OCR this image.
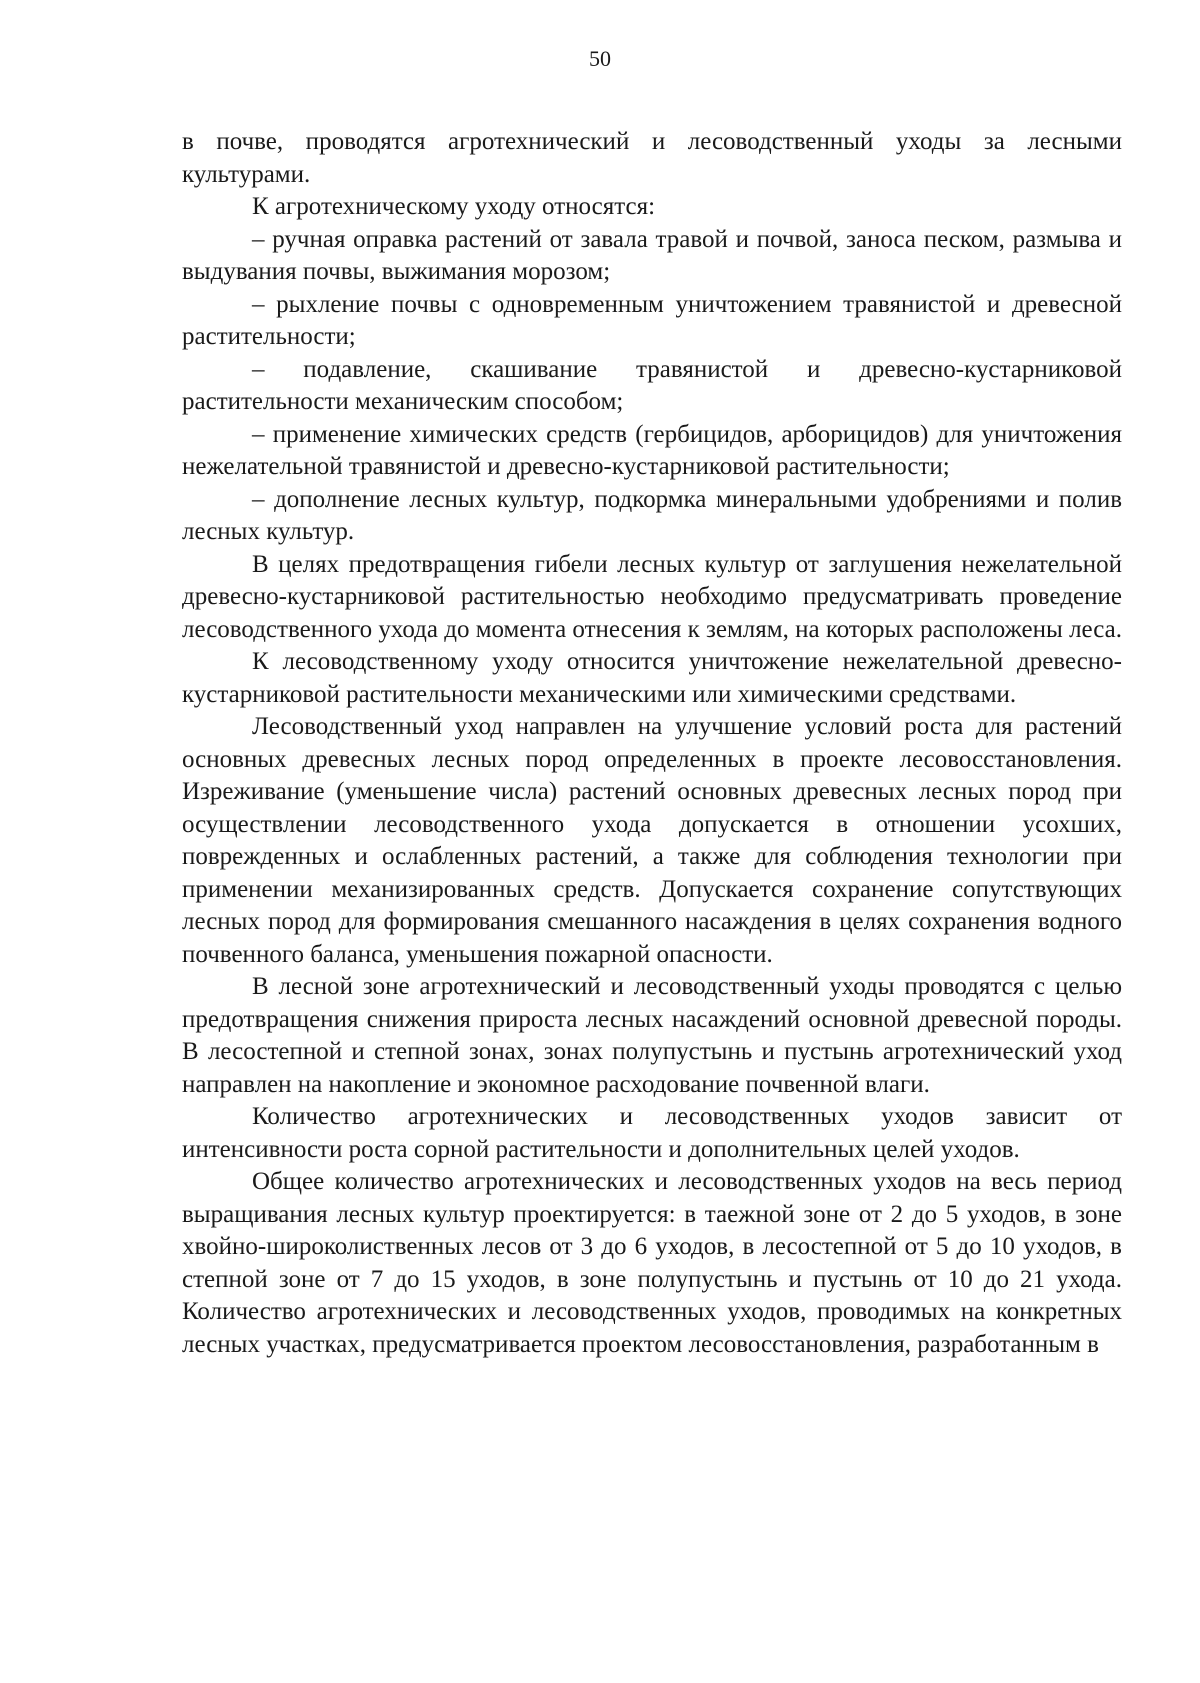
50

в почве, проводятся агротехнический и лесоводственный уходы за лесными культурами.

К агротехническому уходу относятся:

– ручная оправка растений от завала травой и почвой, заноса песком, размыва и выдувания почвы, выжимания морозом;

– рыхление почвы с одновременным уничтожением травянистой и древесной растительности;

– подавление, скашивание травянистой и древесно-кустарниковой растительности механическим способом;

– применение химических средств (гербицидов, арборицидов) для уничтожения нежелательной травянистой и древесно-кустарниковой растительности;

– дополнение лесных культур, подкормка минеральными удобрениями и полив лесных культур.

В целях предотвращения гибели лесных культур от заглушения нежелательной древесно-кустарниковой растительностью необходимо предусматривать проведение лесоводственного ухода до момента отнесения к землям, на которых расположены леса.

К лесоводственному уходу относится уничтожение нежелательной древесно-кустарниковой растительности механическими или химическими средствами.

Лесоводственный уход направлен на улучшение условий роста для растений основных древесных лесных пород определенных в проекте лесовосстановления. Изреживание (уменьшение числа) растений основных древесных лесных пород при осуществлении лесоводственного ухода допускается в отношении усохших, поврежденных и ослабленных растений, а также для соблюдения технологии при применении механизированных средств. Допускается сохранение сопутствующих лесных пород для формирования смешанного насаждения в целях сохранения водного почвенного баланса, уменьшения пожарной опасности.

В лесной зоне агротехнический и лесоводственный уходы проводятся с целью предотвращения снижения прироста лесных насаждений основной древесной породы. В лесостепной и степной зонах, зонах полупустынь и пустынь агротехнический уход направлен на накопление и экономное расходование почвенной влаги.

Количество агротехнических и лесоводственных уходов зависит от интенсивности роста сорной растительности и дополнительных целей уходов.

Общее количество агротехнических и лесоводственных уходов на весь период выращивания лесных культур проектируется: в таежной зоне от 2 до 5 уходов, в зоне хвойно-широколиственных лесов от 3 до 6 уходов, в лесостепной от 5 до 10 уходов, в степной зоне от 7 до 15 уходов, в зоне полупустынь и пустынь от 10 до 21 ухода. Количество агротехнических и лесоводственных уходов, проводимых на конкретных лесных участках, предусматривается проектом лесовосстановления, разработанным в
